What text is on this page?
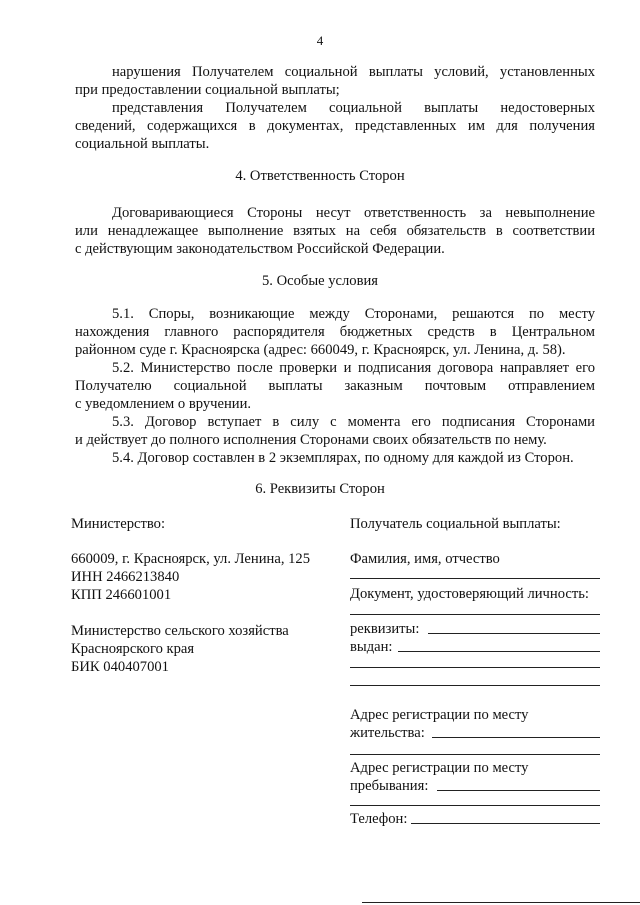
4
нарушения Получателем социальной выплаты условий, установленных
при предоставлении социальной выплаты;
представления Получателем социальной выплаты недостоверных
сведений, содержащихся в документах, представленных им для получения
социальной выплаты.
4. Ответственность Сторон
Договаривающиеся Стороны несут ответственность за невыполнение
или ненадлежащее выполнение взятых на себя обязательств в соответствии
с действующим законодательством Российской Федерации.
5. Особые условия
5.1. Споры, возникающие между Сторонами, решаются по месту
нахождения главного распорядителя бюджетных средств в Центральном
районном суде г. Красноярска (адрес: 660049, г. Красноярск, ул. Ленина, д. 58).
5.2. Министерство после проверки и подписания договора направляет его
Получателю социальной выплаты заказным почтовым отправлением
с уведомлением о вручении.
5.3. Договор вступает в силу с момента его подписания Сторонами
и действует до полного исполнения Сторонами своих обязательств по нему.
5.4. Договор составлен в 2 экземплярах, по одному для каждой из Сторон.
6. Реквизиты Сторон
Министерство:
660009, г. Красноярск, ул. Ленина, 125
ИНН 2466213840
КПП 246601001
Министерство сельского хозяйства
Красноярского края
БИК 040407001
Получатель социальной выплаты:
Фамилия, имя, отчество
Документ, удостоверяющий личность:
реквизиты:
выдан:
Адрес регистрации по месту
жительства:
Адрес регистрации по месту
пребывания:
Телефон:
